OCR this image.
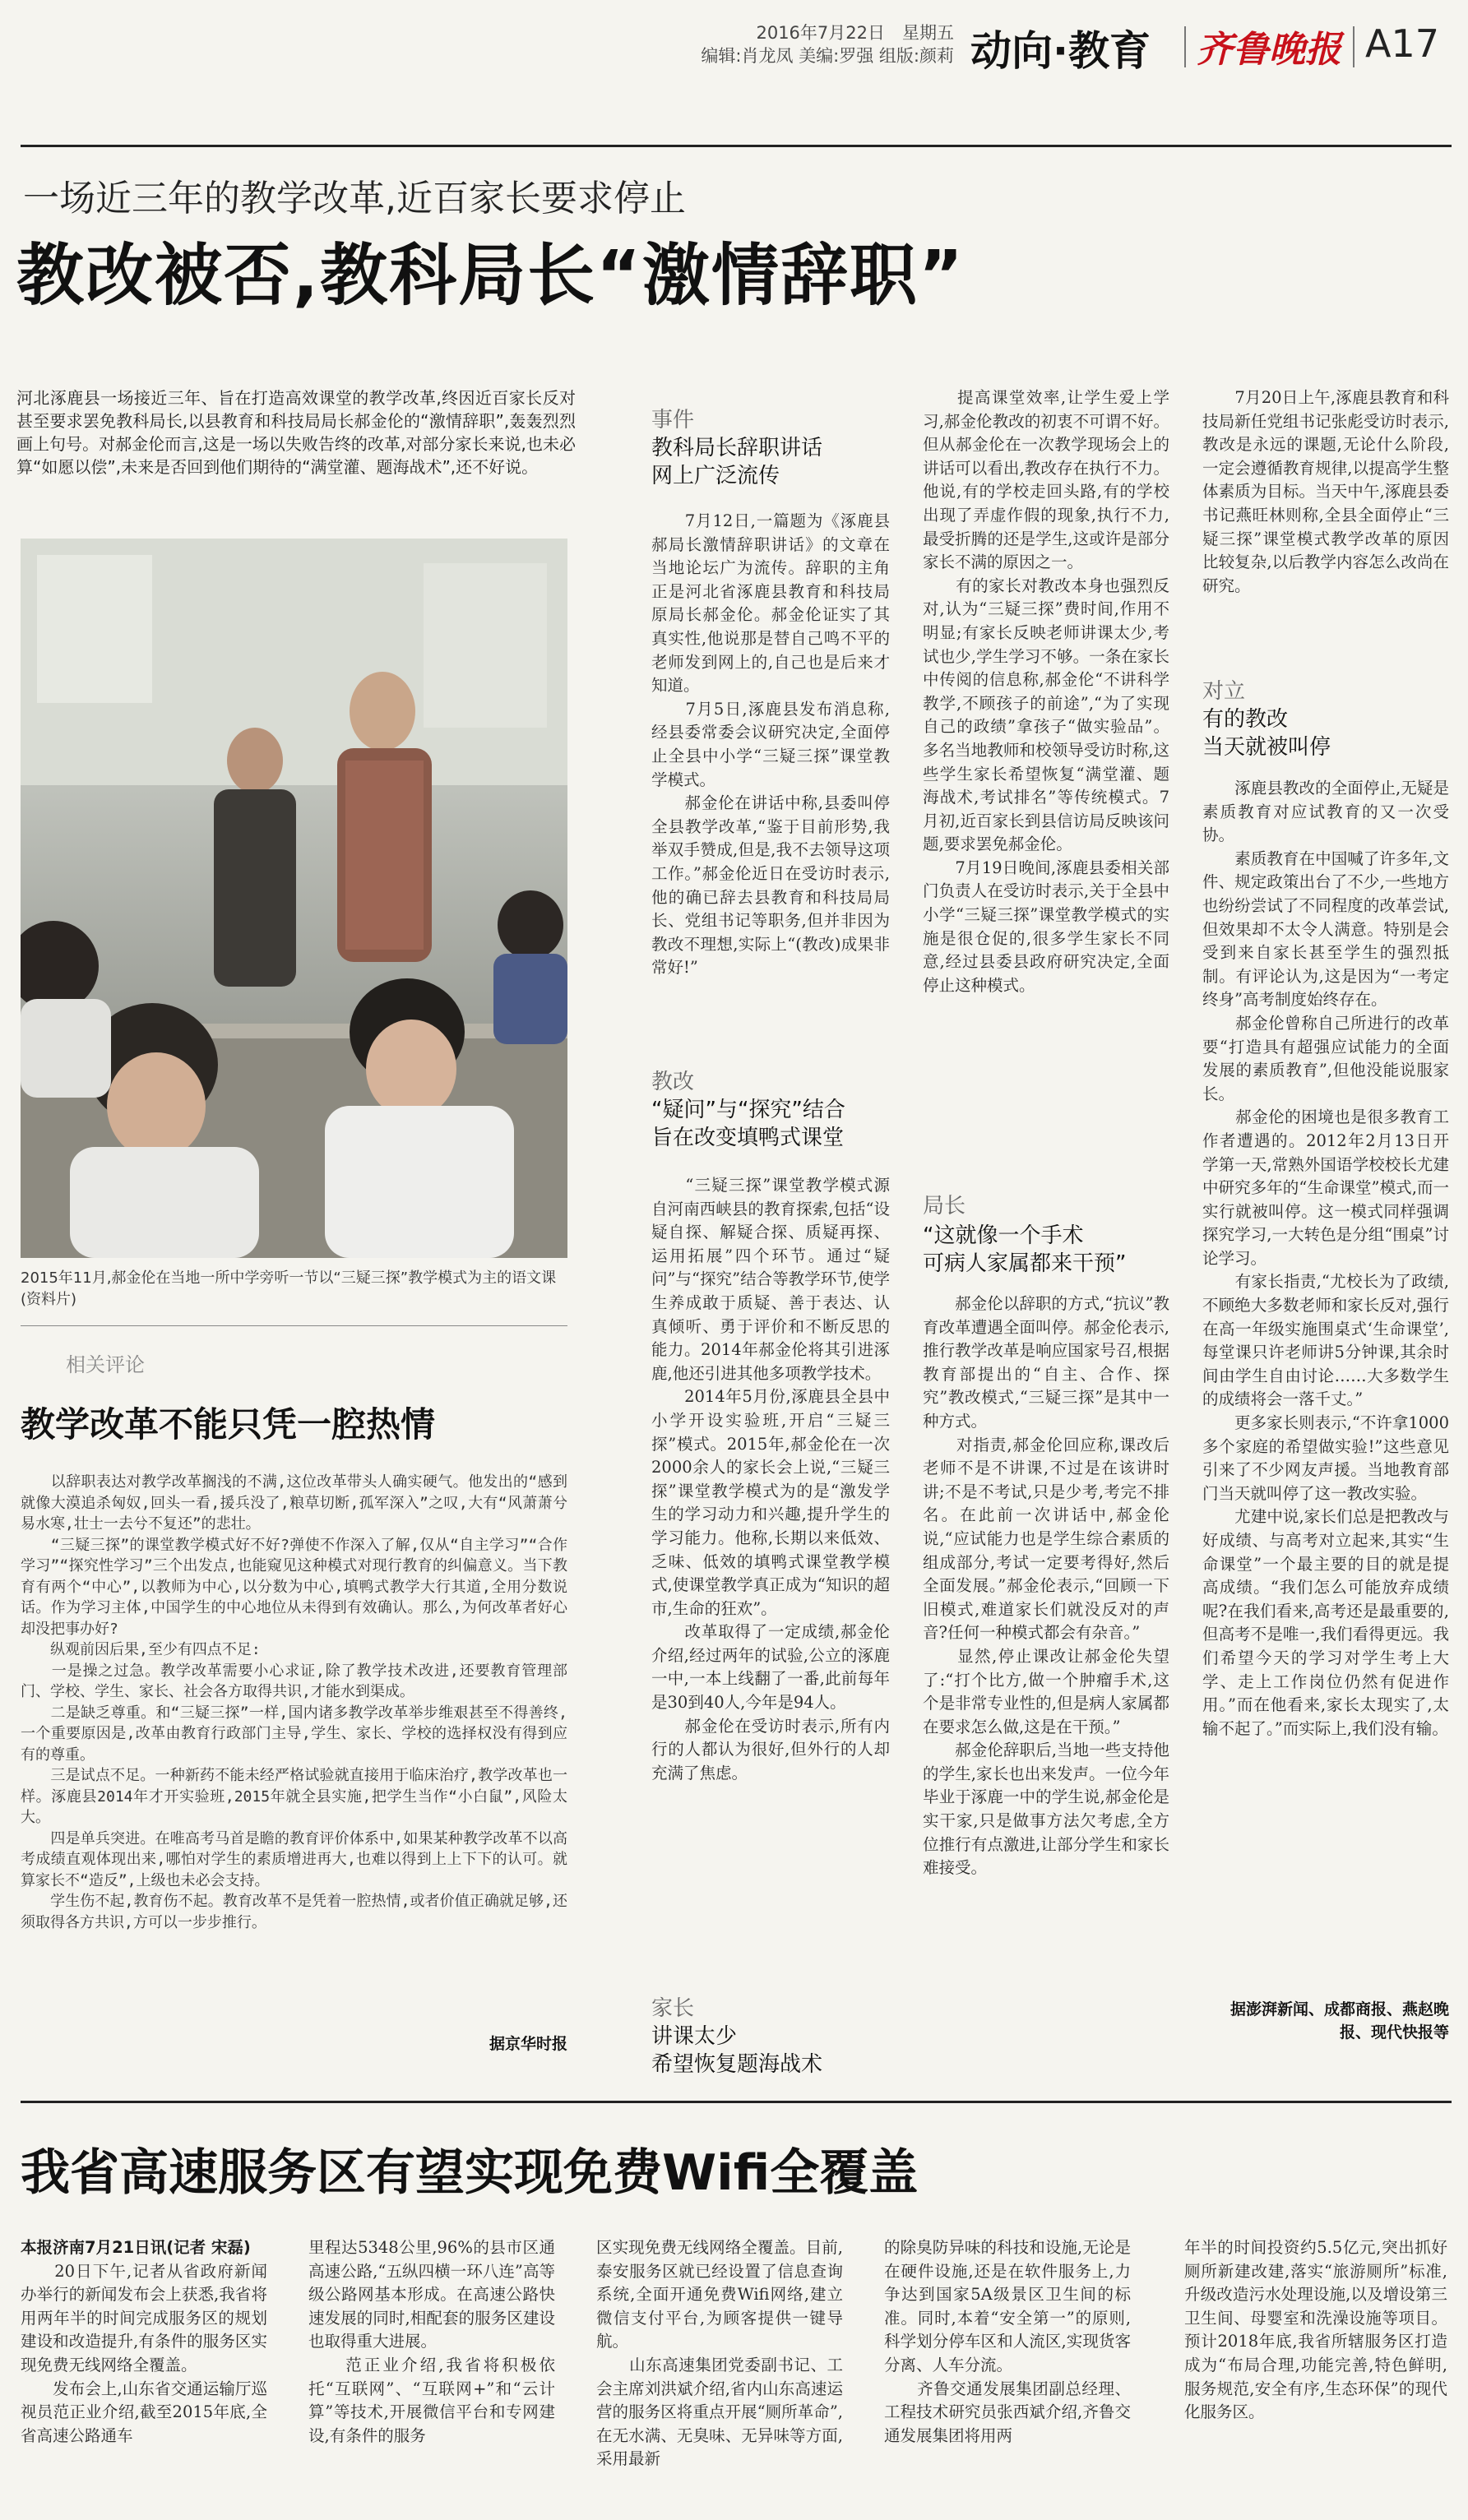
2016年7月22日　 星期五
编辑:肖龙凤 美编:罗强 组版:颜莉 动向·教育 齐鲁晚报 A17
一场近三年的教学改革,近百家长要求停止
教改被否,教科局长“激情辞职”
河北涿鹿县一场接近三年、旨在打造高效课堂的教学改革,终因近百家长反对甚至要求罢免教科局长,以县教育和科技局局长郝金伦的“激情辞职”,轰轰烈烈画上句号。对郝金伦而言,这是一场以失败告终的改革,对部分家长来说,也未必算“如愿以偿”,未来是否回到他们期待的“满堂灌、题海战术”,还不好说。
2015年11月,郝金伦在当地一所中学旁听一节以“三疑三探”教学模式为主的语文课 (资料片)
事件
教科局长辞职讲话
网上广泛流传
　　7月12日,一篇题为《涿鹿县郝局长激情辞职讲话》的文章在当地论坛广为流传。辞职的主角正是河北省涿鹿县教育和科技局原局长郝金伦。郝金伦证实了其真实性,他说那是替自己鸣不平的老师发到网上的,自己也是后来才知道。
　　7月5日,涿鹿县发布消息称,经县委常委会议研究决定,全面停止全县中小学“三疑三探”课堂教学模式。
　　郝金伦在讲话中称,县委叫停全县教学改革,“鉴于目前形势,我举双手赞成,但是,我不去领导这项工作。”郝金伦近日在受访时表示,他的确已辞去县教育和科技局局长、党组书记等职务,但并非因为教改不理想,实际上“(教改)成果非常好!”
教改
“疑问”与“探究”结合
旨在改变填鸭式课堂
　　“三疑三探”课堂教学模式源自河南西峡县的教育探索,包括“设疑自探、解疑合探、质疑再探、运用拓展”四个环节。通过“疑问”与“探究”结合等教学环节,使学生养成敢于质疑、善于表达、认真倾听、勇于评价和不断反思的能力。2014年郝金伦将其引进涿鹿,他还引进其他多项教学技术。
　　2014年5月份,涿鹿县全县中小学开设实验班,开启“三疑三探”模式。2015年,郝金伦在一次2000余人的家长会上说,“三疑三探”课堂教学模式为的是“激发学生的学习动力和兴趣,提升学生的学习能力。他称,长期以来低效、乏味、低效的填鸭式课堂教学模式,使课堂教学真正成为“知识的超市,生命的狂欢”。
　　改革取得了一定成绩,郝金伦介绍,经过两年的试验,公立的涿鹿一中,一本上线翻了一番,此前每年是30到40人,今年是94人。
　　郝金伦在受访时表示,所有内行的人都认为很好,但外行的人却充满了焦虑。
家长
讲课太少
希望恢复题海战术
　　提高课堂效率,让学生爱上学习,郝金伦教改的初衷不可谓不好。但从郝金伦在一次教学现场会上的讲话可以看出,教改存在执行不力。他说,有的学校走回头路,有的学校出现了弄虚作假的现象,执行不力,最受折腾的还是学生,这或许是部分家长不满的原因之一。
　　有的家长对教改本身也强烈反对,认为“三疑三探”费时间,作用不明显;有家长反映老师讲课太少,考试也少,学生学习不够。一条在家长中传阅的信息称,郝金伦“不讲科学教学,不顾孩子的前途”,“为了实现自己的政绩”拿孩子“做实验品”。多名当地教师和校领导受访时称,这些学生家长希望恢复“满堂灌、题海战术,考试排名”等传统模式。7月初,近百家长到县信访局反映该问题,要求罢免郝金伦。
　　7月19日晚间,涿鹿县委相关部门负责人在受访时表示,关于全县中小学“三疑三探”课堂教学模式的实施是很仓促的,很多学生家长不同意,经过县委县政府研究决定,全面停止这种模式。
局长
“这就像一个手术
可病人家属都来干预”
　　郝金伦以辞职的方式,“抗议”教育改革遭遇全面叫停。郝金伦表示,推行教学改革是响应国家号召,根据教育部提出的“自主、合作、探究”教改模式,“三疑三探”是其中一种方式。
　　对指责,郝金伦回应称,课改后老师不是不讲课,不过是在该讲时讲;不是不考试,只是少考,考完不排名。在此前一次讲话中,郝金伦说,“应试能力也是学生综合素质的组成部分,考试一定要考得好,然后全面发展。”郝金伦表示,“回顾一下旧模式,难道家长们就没反对的声音?任何一种模式都会有杂音。”
　　显然,停止课改让郝金伦失望了:“打个比方,做一个肿瘤手术,这个是非常专业性的,但是病人家属都在要求怎么做,这是在干预。”
　　郝金伦辞职后,当地一些支持他的学生,家长也出来发声。一位今年毕业于涿鹿一中的学生说,郝金伦是实干家,只是做事方法欠考虑,全方位推行有点激进,让部分学生和家长难接受。
　　7月20日上午,涿鹿县教育和科技局新任党组书记张彪受访时表示,教改是永远的课题,无论什么阶段,一定会遵循教育规律,以提高学生整体素质为目标。当天中午,涿鹿县委书记燕旺林则称,全县全面停止“三疑三探”课堂模式教学改革的原因比较复杂,以后教学内容怎么改尚在研究。
对立
有的教改
当天就被叫停
　　涿鹿县教改的全面停止,无疑是素质教育对应试教育的又一次受协。
　　素质教育在中国喊了许多年,文件、规定政策出台了不少,一些地方也纷纷尝试了不同程度的改革尝试,但效果却不太令人满意。特别是会受到来自家长甚至学生的强烈抵制。有评论认为,这是因为“一考定终身”高考制度始终存在。
　　郝金伦曾称自己所进行的改革要“打造具有超强应试能力的全面发展的素质教育”,但他没能说服家长。
　　郝金伦的困境也是很多教育工作者遭遇的。2012年2月13日开学第一天,常熟外国语学校校长尤建中研究多年的“生命课堂”模式,而一实行就被叫停。这一模式同样强调探究学习,一大转色是分组“围桌”讨论学习。
　　有家长指责,“尤校长为了政绩,不顾绝大多数老师和家长反对,强行在高一年级实施围桌式‘生命课堂’,每堂课只许老师讲5分钟课,其余时间由学生自由讨论……大多数学生的成绩将会一落千丈。”
　　更多家长则表示,“不许拿1000多个家庭的希望做实验!”这些意见引来了不少网友声援。当地教育部门当天就叫停了这一教改实验。
　　尤建中说,家长们总是把教改与好成绩、与高考对立起来,其实“生命课堂”一个最主要的目的就是提高成绩。“我们怎么可能放弃成绩呢?在我们看来,高考还是最重要的,但高考不是唯一,我们看得更远。我们希望今天的学习对学生考上大学、走上工作岗位仍然有促进作用。”而在他看来,家长太现实了,太输不起了。”而实际上,我们没有输。
据澎湃新闻、成都商报、燕赵晚报、现代快报等
相关评论
教学改革不能只凭一腔热情
　　以辞职表达对教学改革搁浅的不满,这位改革带头人确实硬气。他发出的“感到就像大漠追杀匈奴,回头一看,援兵没了,粮草切断,孤军深入”之叹,大有“风萧萧兮易水寒,壮士一去兮不复还”的悲壮。
　　“三疑三探”的课堂教学模式好不好?弹使不作深入了解,仅从“自主学习”“合作学习”“探究性学习”三个出发点,也能窥见这种模式对现行教育的纠偏意义。当下教育有两个“中心”,以教师为中心,以分数为中心,填鸭式教学大行其道,全用分数说话。作为学习主体,中国学生的中心地位从未得到有效确认。那么,为何改革者好心却没把事办好?
　　纵观前因后果,至少有四点不足:
　　一是操之过急。教学改革需要小心求证,除了教学技术改进,还要教育管理部门、学校、学生、家长、社会各方取得共识,才能水到渠成。
　　二是缺乏尊重。和“三疑三探”一样,国内诸多教学改革举步维艰甚至不得善终,一个重要原因是,改革由教育行政部门主导,学生、家长、学校的选择权没有得到应有的尊重。
　　三是试点不足。一种新药不能未经严格试验就直接用于临床治疗,教学改革也一样。涿鹿县2014年才开实验班,2015年就全县实施,把学生当作“小白鼠”,风险太大。
　　四是单兵突进。在唯高考马首是瞻的教育评价体系中,如果某种教学改革不以高考成绩直观体现出来,哪怕对学生的素质增进再大,也难以得到上上下下的认可。就算家长不“造反”,上级也未必会支持。
　　学生伤不起,教育伤不起。教育改革不是凭着一腔热情,或者价值正确就足够,还须取得各方共识,方可以一步步推行。
据京华时报
我省高速服务区有望实现免费Wifi全覆盖
本报济南7月21日讯(记者 宋磊)
　　20日下午,记者从省政府新闻办举行的新闻发布会上获悉,我省将用两年半的时间完成服务区的规划建设和改造提升,有条件的服务区实现免费无线网络全覆盖。
　　发布会上,山东省交通运输厅巡视员范正业介绍,截至2015年底,全省高速公路通车
里程达5348公里,96%的县市区通高速公路,“五纵四横一环八连”高等级公路网基本形成。在高速公路快速发展的同时,相配套的服务区建设也取得重大进展。
　　范正业介绍,我省将积极依托“互联网”、“互联网+”和“云计算”等技术,开展微信平台和专网建设,有条件的服务
区实现免费无线网络全覆盖。目前,泰安服务区就已经设置了信息查询系统,全面开通免费Wifi网络,建立微信支付平台,为顾客提供一键导航。
　　山东高速集团党委副书记、工会主席刘洪斌介绍,省内山东高速运营的服务区将重点开展“厕所革命”,在无水满、无臭味、无异味等方面,采用最新
的除臭防异味的科技和设施,无论是在硬件设施,还是在软件服务上,力争达到国家5A级景区卫生间的标准。同时,本着“安全第一”的原则,科学划分停车区和人流区,实现货客分离、人车分流。
　　齐鲁交通发展集团副总经理、工程技术研究员张西斌介绍,齐鲁交通发展集团将用两
年半的时间投资约5.5亿元,突出抓好厕所新建改建,落实“旅游厕所”标准,升级改造污水处理设施,以及增设第三卫生间、母婴室和洗澡设施等项目。预计2018年底,我省所辖服务区打造成为“布局合理,功能完善,特色鲜明,服务规范,安全有序,生态环保”的现代化服务区。
